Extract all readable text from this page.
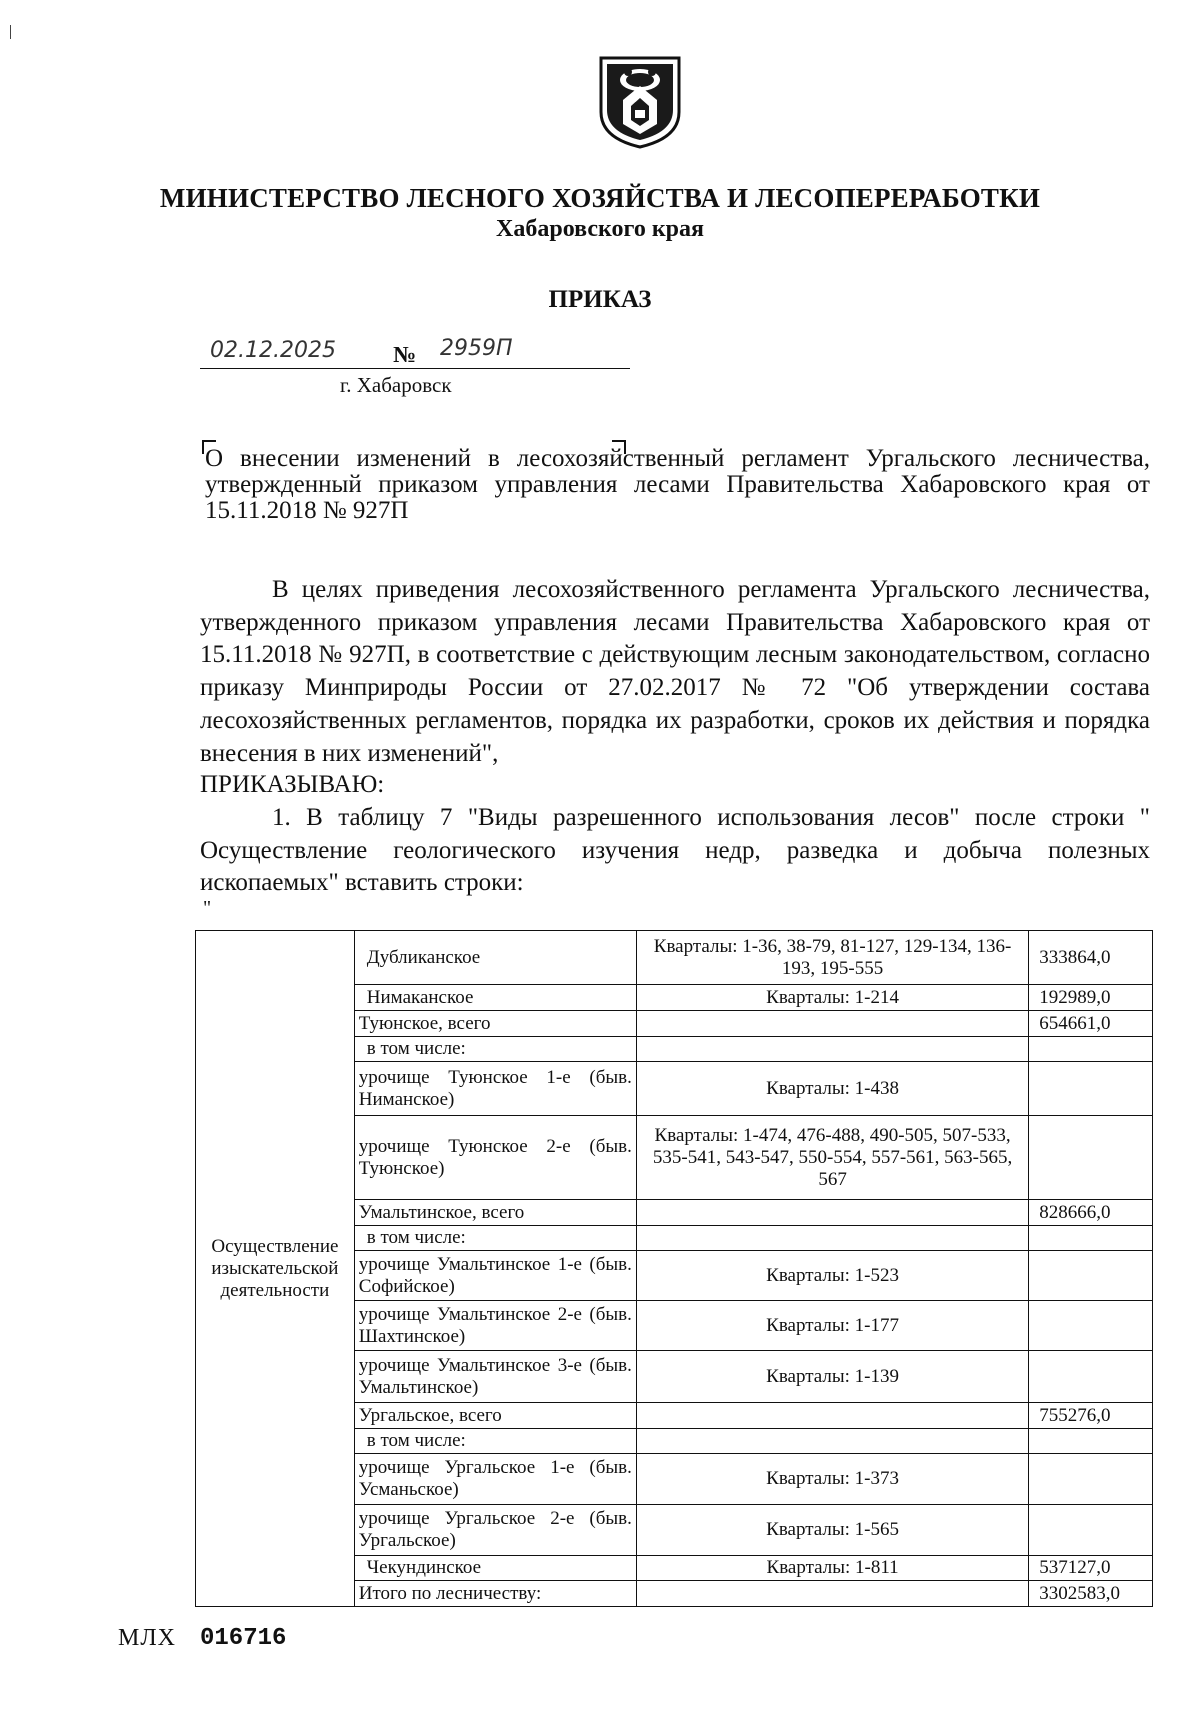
МИНИСТЕРСТВО ЛЕСНОГО ХОЗЯЙСТВА И ЛЕСОПЕРЕРАБОТКИ
Хабаровского края
ПРИКАЗ
02.12.2025 № 2959П
г. Хабаровск
О внесении изменений в лесохозяйственный регламент Ургальского лесничества, утвержденный приказом управления лесами Правительства Хабаровского края от 15.11.2018 № 927П
В целях приведения лесохозяйственного регламента Ургальского лесничества, утвержденного приказом управления лесами Правительства Хабаровского края от 15.11.2018 № 927П, в соответствие с действующим лесным законодательством, согласно приказу Минприроды России от 27.02.2017 № 72 "Об утверждении состава лесохозяйственных регламентов, порядка их разработки, сроков их действия и порядка внесения в них изменений",
ПРИКАЗЫВАЮ:
1. В таблицу 7 "Виды разрешенного использования лесов" после строки " Осуществление геологического изучения недр, разведка и добыча полезных ископаемых" вставить строки:
"
Осуществление изыскательской деятельности	Дубликанское	Кварталы: 1-36, 38-79, 81-127, 129-134, 136-193, 195-555	333864,0
	Нимаканское	Кварталы: 1-214	192989,0
	Туюнское, всего		654661,0
	в том числе:		
	урочище Туюнское 1-е (быв. Ниманское)	Кварталы: 1-438	
	урочище Туюнское 2-е (быв. Туюнское)	Кварталы: 1-474, 476-488, 490-505, 507-533, 535-541, 543-547, 550-554, 557-561, 563-565, 567	
	Умальтинское, всего		828666,0
	в том числе:		
	урочище Умальтинское 1-е (быв. Софийское)	Кварталы: 1-523	
	урочище Умальтинское 2-е (быв. Шахтинское)	Кварталы: 1-177	
	урочище Умальтинское 3-е (быв. Умальтинское)	Кварталы: 1-139	
	Ургальское, всего		755276,0
	в том числе:		
	урочище Ургальское 1-е (быв. Усманьское)	Кварталы: 1-373	
	урочище Ургальское 2-е (быв. Ургальское)	Кварталы: 1-565	
	Чекундинское	Кварталы: 1-811	537127,0
	Итого по лесничеству:		3302583,0
МЛХ 016716
